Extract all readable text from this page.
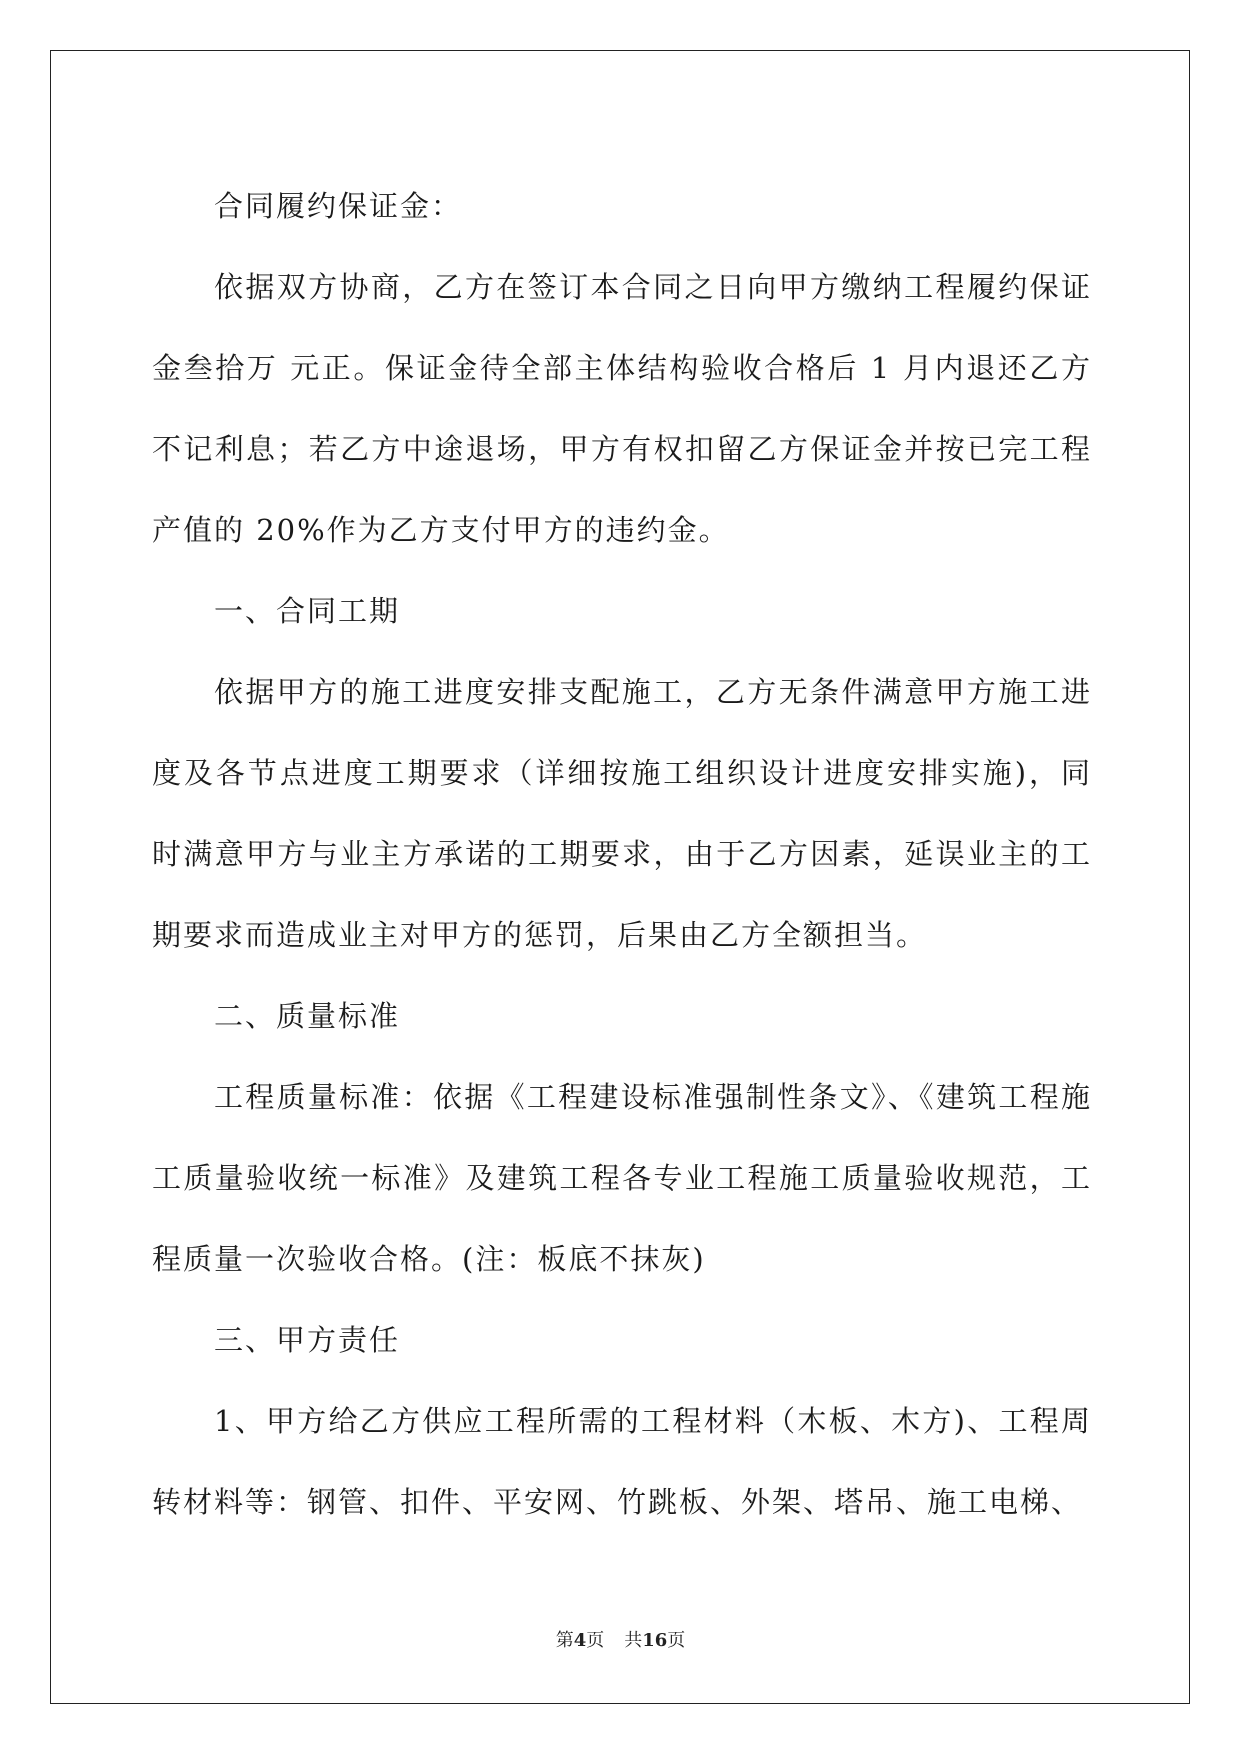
合同履约保证金：

依据双方协商，乙方在签订本合同之日向甲方缴纳工程履约保证金叁拾万 元正。保证金待全部主体结构验收合格后 1 月内退还乙方不记利息；若乙方中途退场，甲方有权扣留乙方保证金并按已完工程产值的 20%作为乙方支付甲方的违约金。

一、合同工期

依据甲方的施工进度安排支配施工，乙方无条件满意甲方施工进度及各节点进度工期要求（详细按施工组织设计进度安排实施)，同时满意甲方与业主方承诺的工期要求，由于乙方因素，延误业主的工期要求而造成业主对甲方的惩罚，后果由乙方全额担当。

二、质量标准

工程质量标准：依据《工程建设标准强制性条文》、《建筑工程施工质量验收统一标准》及建筑工程各专业工程施工质量验收规范，工程质量一次验收合格。(注：板底不抹灰)

三、甲方责任

1、甲方给乙方供应工程所需的工程材料（木板、木方)、工程周转材料等：钢管、扣件、平安网、竹跳板、外架、塔吊、施工电梯、

第4页 共16页
